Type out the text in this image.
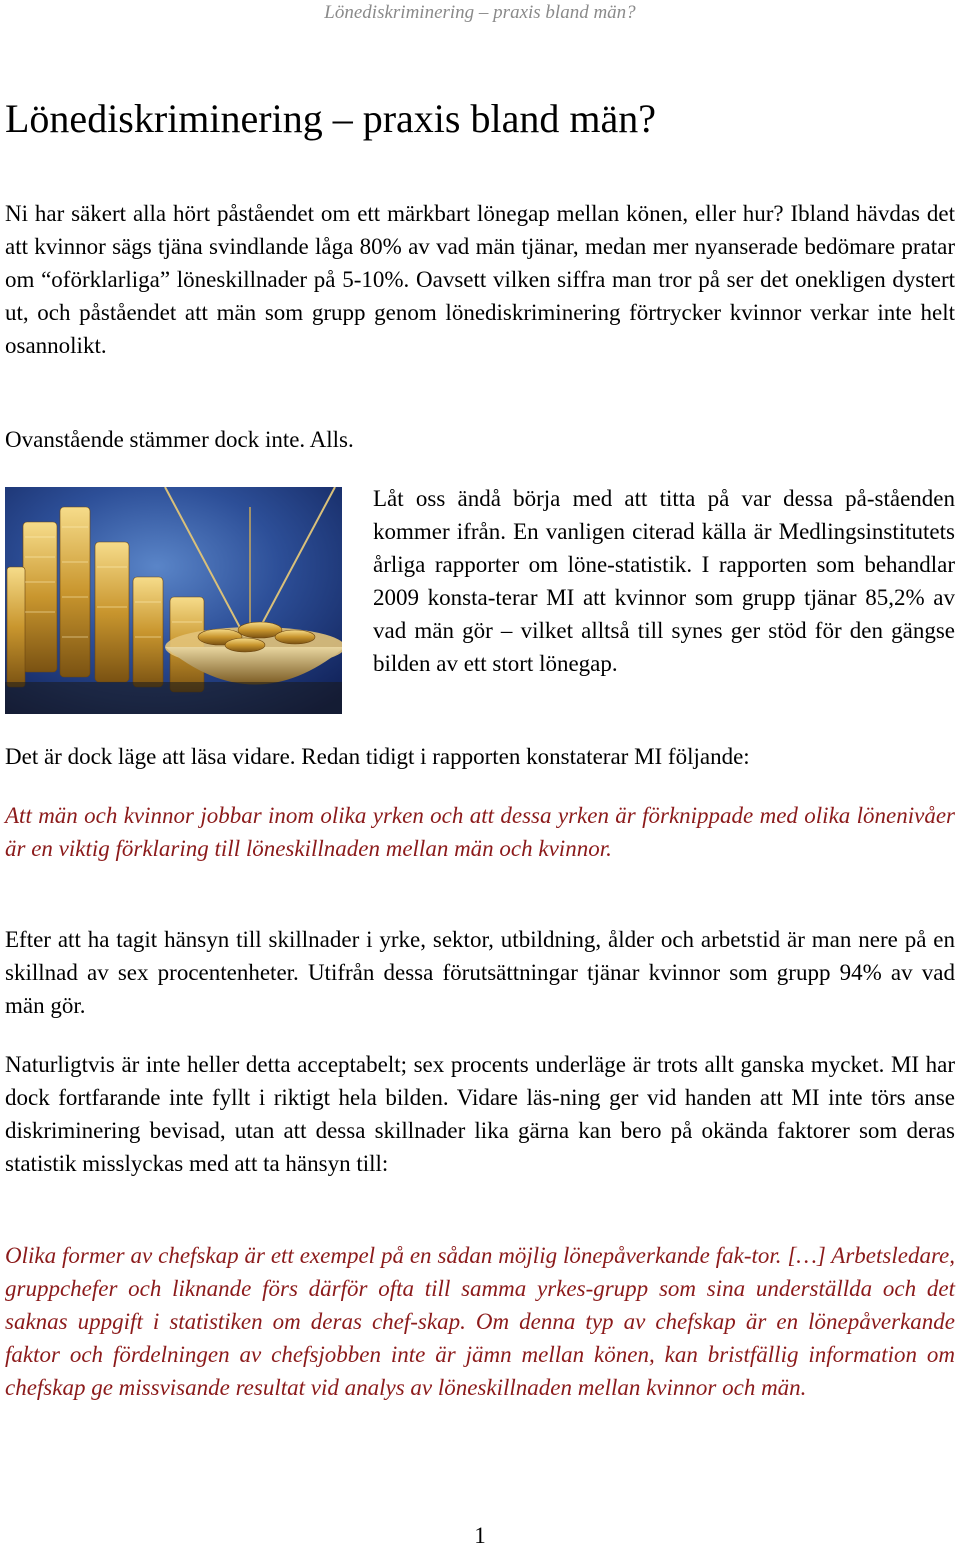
Lönediskriminering – praxis bland män?
Lönediskriminering – praxis bland män?

Ni har säkert alla hört påståendet om ett märkbart lönegap mellan könen, eller hur? Ibland hävdas det att kvinnor sägs tjäna svindlande låga 80% av vad män tjänar, medan mer nyanserade bedömare pratar om “oförklarliga” löneskillnader på 5-10%. Oavsett vilken siffra man tror på ser det onekligen dystert ut, och påståendet att män som grupp genom lönediskriminering förtrycker kvinnor verkar inte helt osannolikt.

Ovanstående stämmer dock inte. Alls.

Låt oss ändå börja med att titta på var dessa på-ståenden kommer ifrån. En vanligen citerad källa är Medlingsinstitutets årliga rapporter om löne-statistik. I rapporten som behandlar 2009 konsta-terar MI att kvinnor som grupp tjänar 85,2% av vad män gör – vilket alltså till synes ger stöd för den gängse bilden av ett stort lönegap.

Det är dock läge att läsa vidare. Redan tidigt i rapporten konstaterar MI följande:

Att män och kvinnor jobbar inom olika yrken och att dessa yrken är förknippade med olika lönenivåer är en viktig förklaring till löneskillnaden mellan män och kvinnor.

Efter att ha tagit hänsyn till skillnader i yrke, sektor, utbildning, ålder och arbetstid är man nere på en skillnad av sex procentenheter. Utifrån dessa förutsättningar tjänar kvinnor som grupp 94% av vad män gör.

Naturligtvis är inte heller detta acceptabelt; sex procents underläge är trots allt ganska mycket. MI har dock fortfarande inte fyllt i riktigt hela bilden. Vidare läs-ning ger vid handen att MI inte törs anse diskriminering bevisad, utan att dessa skillnader lika gärna kan bero på okända faktorer som deras statistik misslyckas med att ta hänsyn till:

Olika former av chefskap är ett exempel på en sådan möjlig lönepåverkande fak-tor. […] Arbetsledare, gruppchefer och liknande förs därför ofta till samma yrkes-grupp som sina underställda och det saknas uppgift i statistiken om deras chef-skap. Om denna typ av chefskap är en lönepåverkande faktor och fördelningen av chefsjobben inte är jämn mellan könen, kan bristfällig information om chefskap ge missvisande resultat vid analys av löneskillnaden mellan kvinnor och män.

1
